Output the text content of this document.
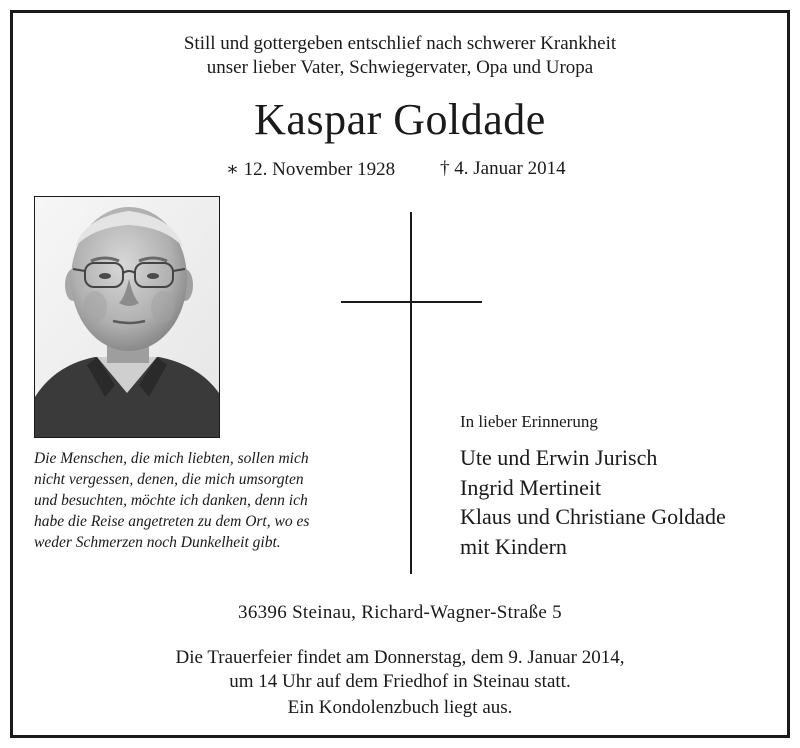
Still und gottergeben entschlief nach schwerer Krankheit
unser lieber Vater, Schwiegervater, Opa und Uropa
Kaspar Goldade
∗ 12. November 1928 † 4. Januar 2014
Die Menschen, die mich liebten, sollen mich
nicht vergessen, denen, die mich umsorgten
und besuchten, möchte ich danken, denn ich
habe die Reise angetreten zu dem Ort, wo es
weder Schmerzen noch Dunkelheit gibt.
In lieber Erinnerung
Ute und Erwin Jurisch
Ingrid Mertineit
Klaus und Christiane Goldade
mit Kindern
36396 Steinau, Richard-Wagner-Straße 5
Die Trauerfeier findet am Donnerstag, dem 9. Januar 2014,
um 14 Uhr auf dem Friedhof in Steinau statt.
Ein Kondolenzbuch liegt aus.
